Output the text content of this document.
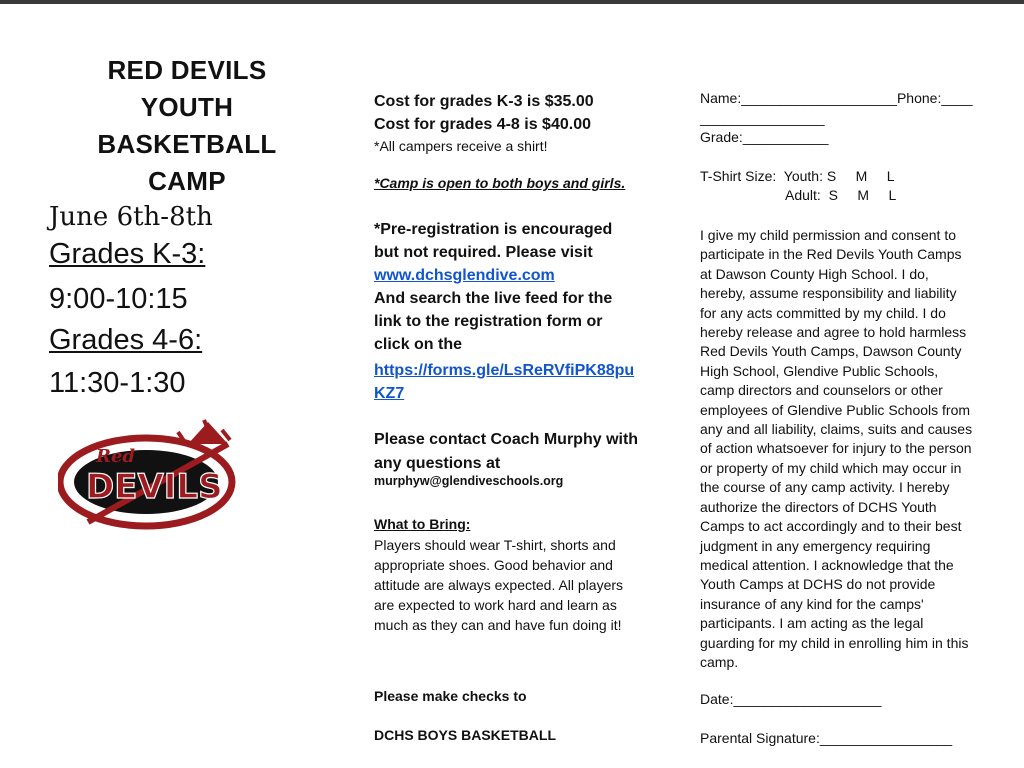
RED DEVILS
YOUTH
BASKETBALL
CAMP
June 6th-8th
Grades K-3:
9:00-10:15
Grades 4-6:
11:30-1:30
Red
DEVILS
Cost for grades K-3 is $35.00
Cost for grades 4-8 is $40.00
*All campers receive a shirt!
*Camp is open to both boys and girls.
*Pre-registration is encouraged
but not required. Please visit
www.dchsglendive.com
And search the live feed for the
link to the registration form or
click on the
https://forms.gle/LsReRVfiPK88pu
KZ7
Please contact Coach Murphy with
any questions at
murphyw@glendiveschools.org
What to Bring:
Players should wear T-shirt, shorts and
appropriate shoes. Good behavior and
attitude are always expected. All players
are expected to work hard and learn as
much as they can and have fun doing it!
Please make checks to
DCHS BOYS BASKETBALL
Name:____________________Phone:____
________________
Grade:___________
T-Shirt Size:  Youth: S     M     L
Adult:  S     M     L
I give my child permission and consent to
participate in the Red Devils Youth Camps
at Dawson County High School. I do,
hereby, assume responsibility and liability
for any acts committed by my child. I do
hereby release and agree to hold harmless
Red Devils Youth Camps, Dawson County
High School, Glendive Public Schools,
camp directors and counselors or other
employees of Glendive Public Schools from
any and all liability, claims, suits and causes
of action whatsoever for injury to the person
or property of my child which may occur in
the course of any camp activity. I hereby
authorize the directors of DCHS Youth
Camps to act accordingly and to their best
judgment in any emergency requiring
medical attention. I acknowledge that the
Youth Camps at DCHS do not provide
insurance of any kind for the camps'
participants. I am acting as the legal
guarding for my child in enrolling him in this
camp.
Date:___________________
Parental Signature:_________________
